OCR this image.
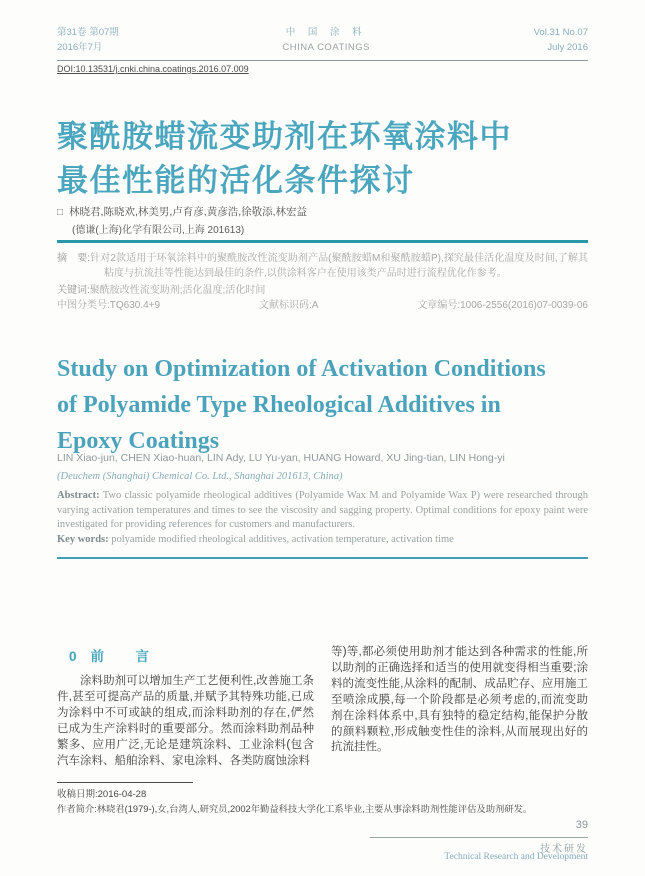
第31卷 第07期
2016年7月
中 国 涂 料
CHINA COATINGS
Vol.31 No.07
July 2016
DOI:10.13531/j.cnki.china.coatings.2016.07.009
聚酰胺蜡流变助剂在环氧涂料中
最佳性能的活化条件探讨
□ 林晓君,陈晓欢,林美男,卢育彦,黄彦浩,徐敬添,林宏益
(德谦(上海)化学有限公司,上海 201613)

摘　要:针对2款适用于环氧涂料中的聚酰胺改性流变助剂产品(聚酰胺蜡M和聚酰胺蜡P),探究最佳活化温度及时间,了解其粘度与抗流挂等性能达到最佳的条件,以供涂料客户在使用该类产品时进行流程优化作参考。

关键词:聚酰胺改性流变助剂;活化温度;活化时间

中图分类号:TQ630.4+9	文献标识码:A	文章编号:1006-2556(2016)07-0039-06
Study on Optimization of Activation Conditions
of Polyamide Type Rheological Additives in
Epoxy Coatings
LIN Xiao-jun, CHEN Xiao-huan, LIN Ady, LU Yu-yan, HUANG Howard, XU Jing-tian, LIN Hong-yi
(Deuchem (Shanghai) Chemical Co. Ltd., Shanghai 201613, China)

Abstract: Two classic polyamide rheological additives (Polyamide Wax M and Polyamide Wax P) were researched through varying activation temperatures and times to see the viscosity and sagging property. Optimal conditions for epoxy paint were investigated for providing references for customers and manufacturers.

Key words: polyamide modified rheological additives, activation temperature, activation time

0 前　言

涂料助剂可以增加生产工艺便利性,改善施工条件,甚至可提高产品的质量,并赋予其特殊功能,已成为涂料中不可或缺的组成,而涂料助剂的存在,俨然已成为生产涂料时的重要部分。然而涂料助剂品种繁多、应用广泛,无论是建筑涂料、工业涂料(包含汽车涂料、船舶涂料、家电涂料、各类防腐蚀涂料

等)等,都必须使用助剂才能达到各种需求的性能,所以助剂的正确选择和适当的使用就变得相当重要;涂料的流变性能,从涂料的配制、成品贮存、应用施工至喷涂成膜,每一个阶段都是必须考虑的,而流变助剂在涂料体系中,具有独特的稳定结构,能保护分散的颜料颗粒,形成触变性佳的涂料,从而展现出好的抗流挂性。

收稿日期:2016-04-28
作者简介:林晓君(1979-),女,台湾人,研究员,2002年勤益科技大学化工系毕业,主要从事涂料助剂性能评估及助剂研发。
39
技术研发
Technical Research and Development
